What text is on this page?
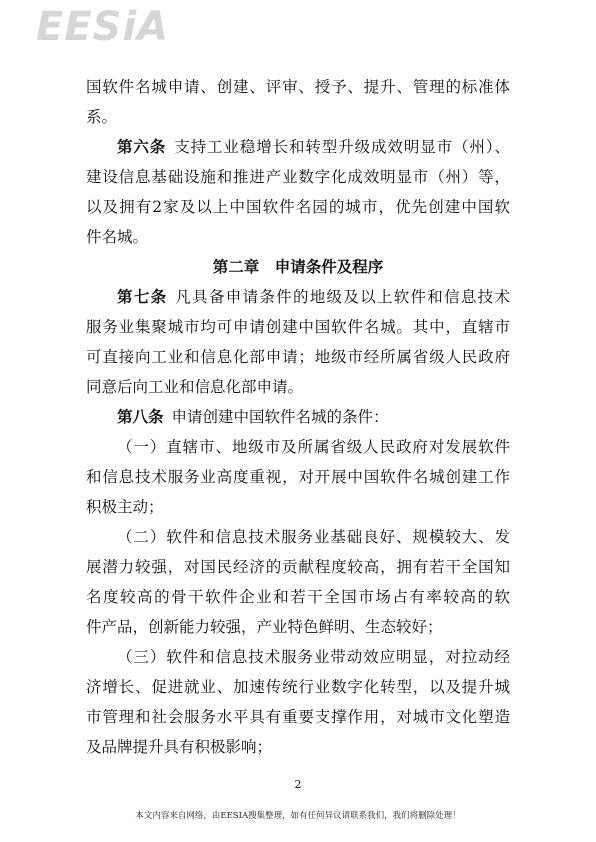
EESiA
国软件名城申请、创建、评审、授予、提升、管理的标准体
系。
第六条 支持工业稳增长和转型升级成效明显市（州）、
建设信息基础设施和推进产业数字化成效明显市（州）等，
以及拥有2家及以上中国软件名园的城市，优先创建中国软
件名城。
第二章　申请条件及程序
第七条 凡具备申请条件的地级及以上软件和信息技术
服务业集聚城市均可申请创建中国软件名城。其中，直辖市
可直接向工业和信息化部申请；地级市经所属省级人民政府
同意后向工业和信息化部申请。
第八条 申请创建中国软件名城的条件：
（一）直辖市、地级市及所属省级人民政府对发展软件
和信息技术服务业高度重视，对开展中国软件名城创建工作
积极主动；
（二）软件和信息技术服务业基础良好、规模较大、发
展潜力较强，对国民经济的贡献程度较高，拥有若干全国知
名度较高的骨干软件企业和若干全国市场占有率较高的软
件产品，创新能力较强，产业特色鲜明、生态较好；
（三）软件和信息技术服务业带动效应明显，对拉动经
济增长、促进就业、加速传统行业数字化转型，以及提升城
市管理和社会服务水平具有重要支撑作用，对城市文化塑造
及品牌提升具有积极影响；
2
本文内容来自网络，由EESIA搜集整理，如有任何异议请联系我们，我们将删除处理！
